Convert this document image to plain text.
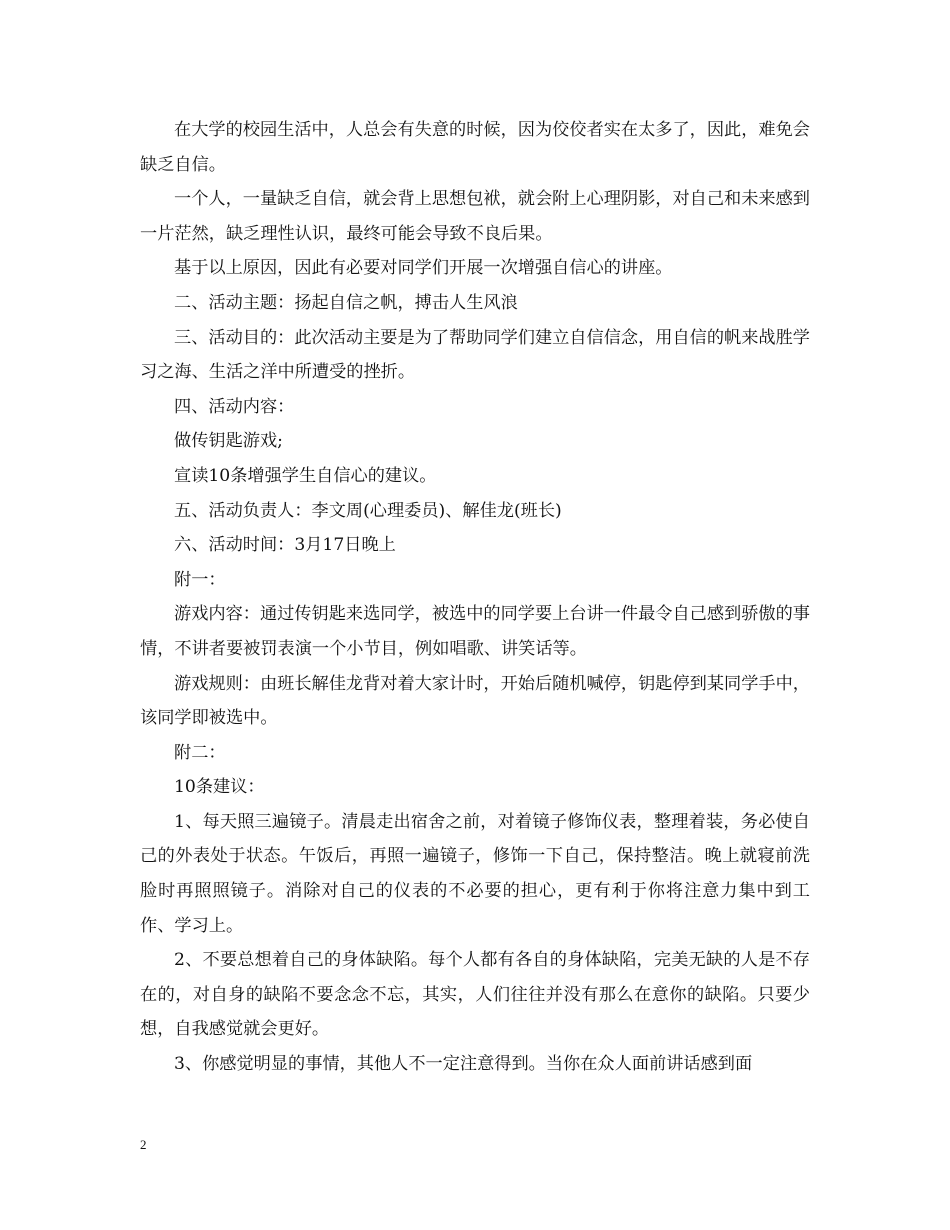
在大学的校园生活中，人总会有失意的时候，因为佼佼者实在太多了，因此，难免会缺乏自信。

一个人，一量缺乏自信，就会背上思想包袱，就会附上心理阴影，对自己和未来感到一片茫然，缺乏理性认识，最终可能会导致不良后果。

基于以上原因，因此有必要对同学们开展一次增强自信心的讲座。

二、活动主题：扬起自信之帆，搏击人生风浪

三、活动目的：此次活动主要是为了帮助同学们建立自信信念，用自信的帆来战胜学习之海、生活之洋中所遭受的挫折。

四、活动内容：

做传钥匙游戏;

宣读10条增强学生自信心的建议。

五、活动负责人：李文周(心理委员)、解佳龙(班长)

六、活动时间：3月17日晚上

附一：

游戏内容：通过传钥匙来选同学，被选中的同学要上台讲一件最令自己感到骄傲的事情，不讲者要被罚表演一个小节目，例如唱歌、讲笑话等。

游戏规则：由班长解佳龙背对着大家计时，开始后随机喊停，钥匙停到某同学手中，该同学即被选中。

附二：

10条建议：

1、每天照三遍镜子。清晨走出宿舍之前，对着镜子修饰仪表，整理着装，务必使自己的外表处于状态。午饭后，再照一遍镜子，修饰一下自己，保持整洁。晚上就寝前洗脸时再照照镜子。消除对自己的仪表的不必要的担心，更有利于你将注意力集中到工作、学习上。

2、不要总想着自己的身体缺陷。每个人都有各自的身体缺陷，完美无缺的人是不存在的，对自身的缺陷不要念念不忘，其实，人们往往并没有那么在意你的缺陷。只要少想，自我感觉就会更好。

3、你感觉明显的事情，其他人不一定注意得到。当你在众人面前讲话感到面

2
